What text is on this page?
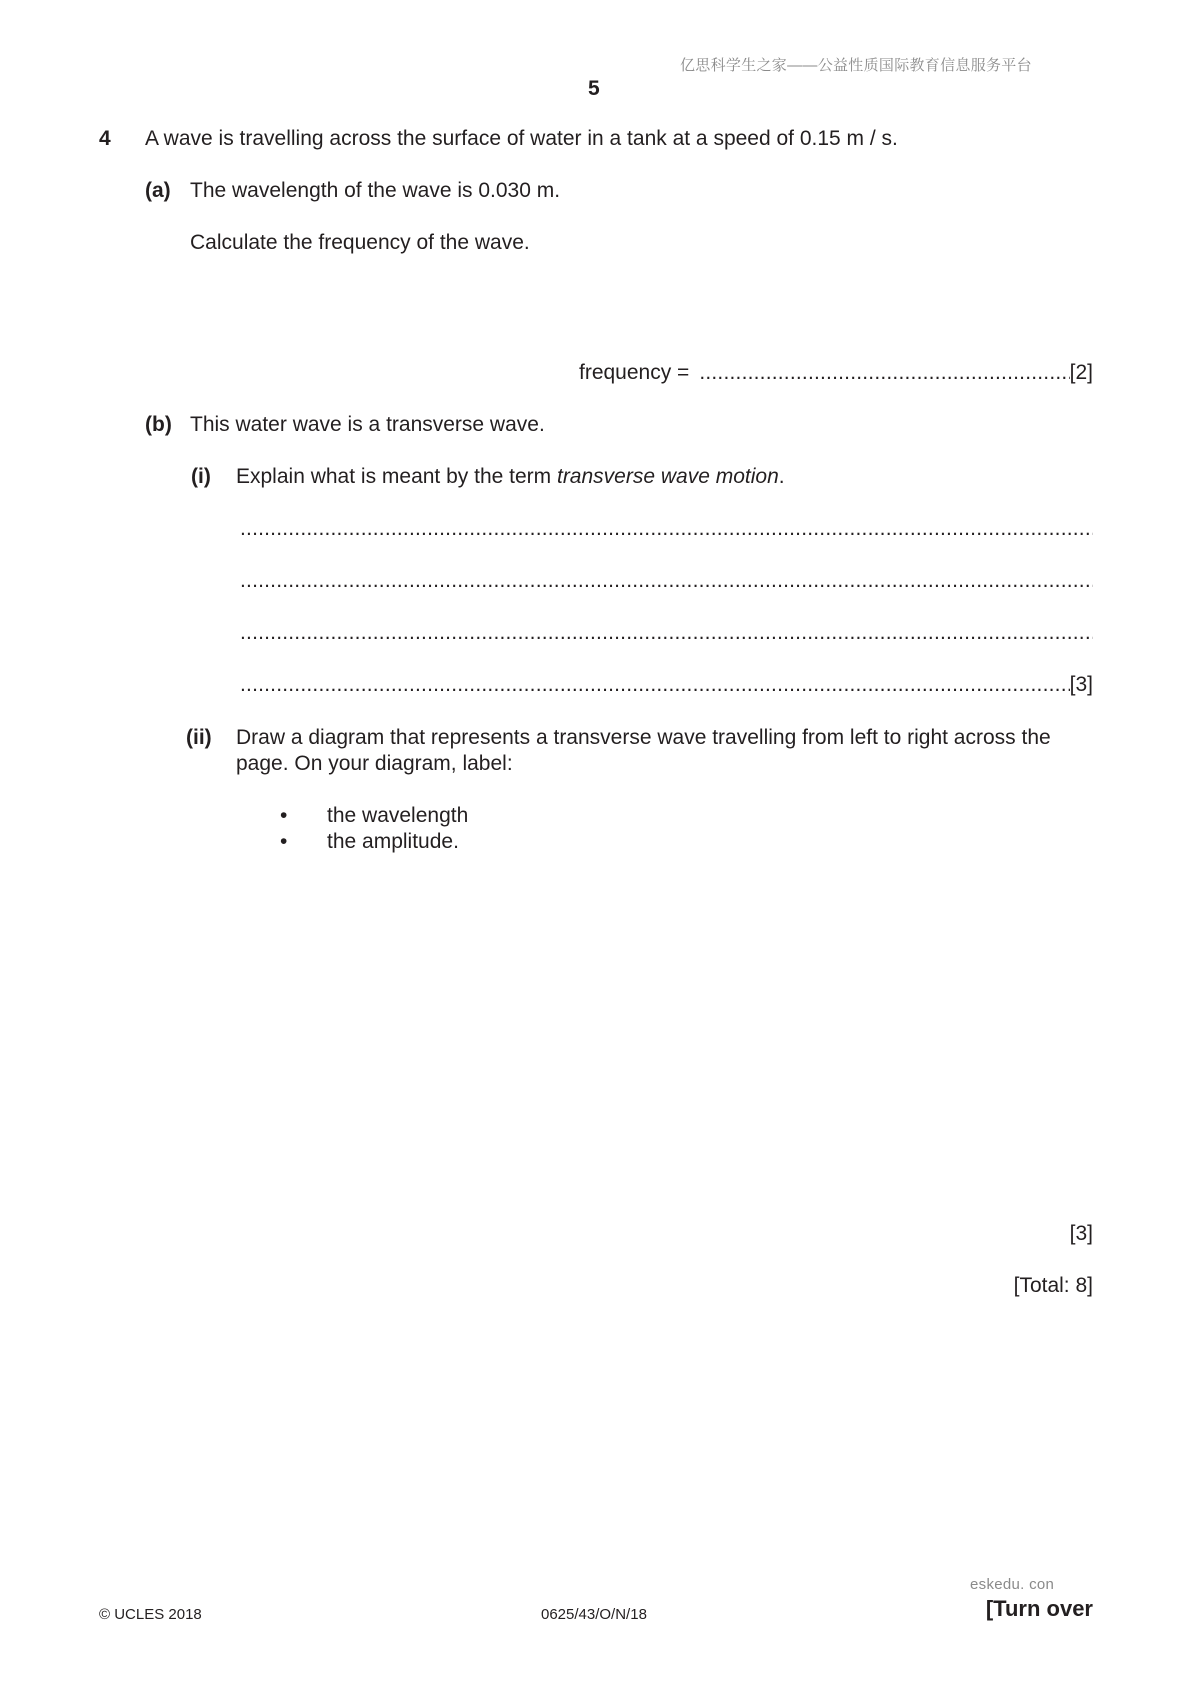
亿思科学生之家——公益性质国际教育信息服务平台
5
4 A wave is travelling across the surface of water in a tank at a speed of 0.15 m / s.
(a) The wavelength of the wave is 0.030 m.
Calculate the frequency of the wave.
frequency =
.....	[2]
(b) This water wave is a transverse wave.
(i) Explain what is meant by the term transverse wave motion.
.....
.....
.....
.....
[3]
(ii) Draw a diagram that represents a transverse wave travelling from left to right across the
page. On your diagram, label:
• the wavelength
• the amplitude.
[3]
[Total: 8]
eskedu. con
© UCLES 2018	0625/43/O/N/18	[Turn over
